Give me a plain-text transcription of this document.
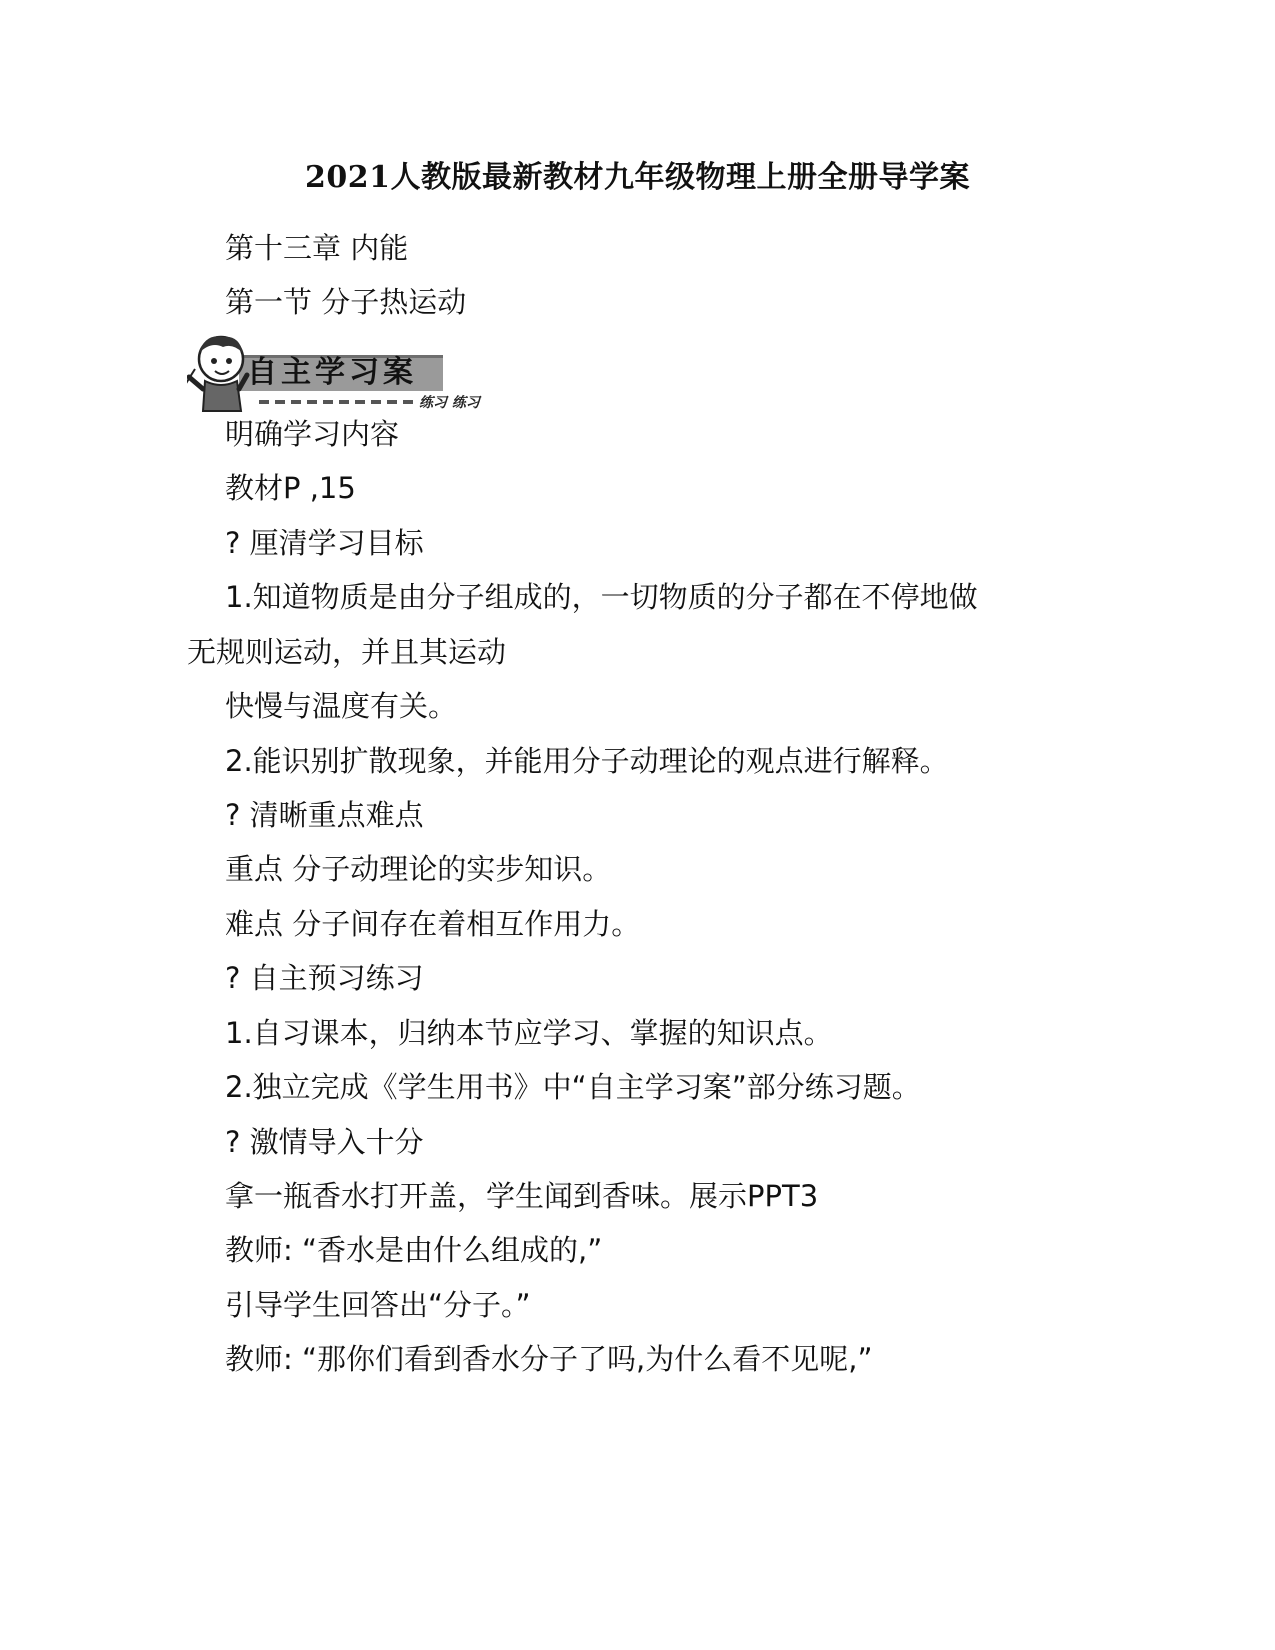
2021人教版最新教材九年级物理上册全册导学案
第十三章 内能
第一节 分子热运动
自主学习案
练习 练习
明确学习内容
教材P ,15
? 厘清学习目标
1.知道物质是由分子组成的，一切物质的分子都在不停地做
无规则运动，并且其运动
快慢与温度有关。
2.能识别扩散现象，并能用分子动理论的观点进行解释。
? 清晰重点难点
重点 分子动理论的实步知识。
难点 分子间存在着相互作用力。
? 自主预习练习
1.自习课本，归纳本节应学习、掌握的知识点。
2.独立完成《学生用书》中“自主学习案”部分练习题。
? 激情导入十分
拿一瓶香水打开盖，学生闻到香味。展示PPT3
教师: “香水是由什么组成的,”
引导学生回答出“分子。”
教师: “那你们看到香水分子了吗,为什么看不见呢,”
